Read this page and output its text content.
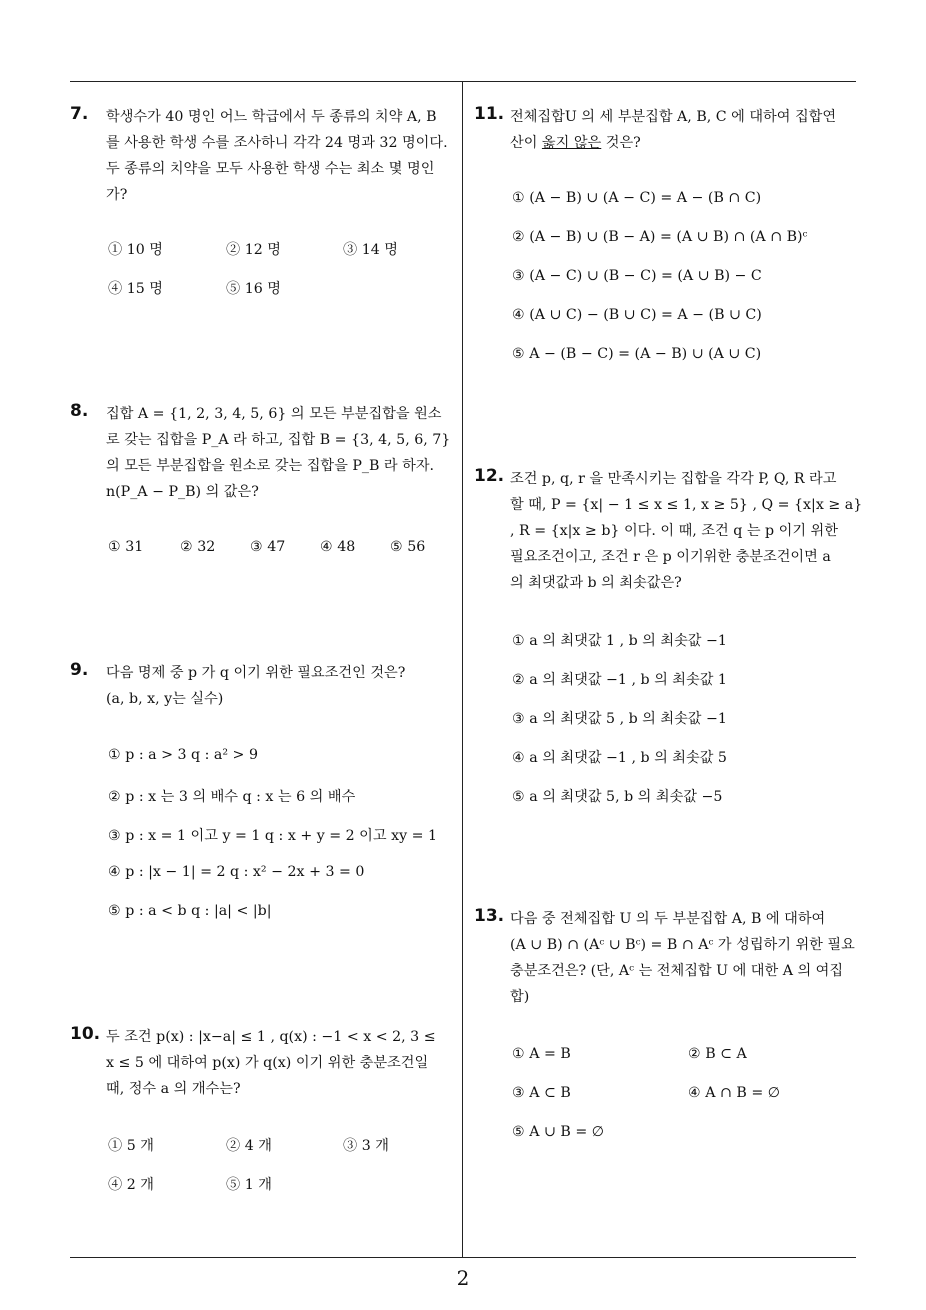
7. 학생수가 40 명인 어느 학급에서 두 종류의 치약 A, B
를 사용한 학생 수를 조사하니 각각 24 명과 32 명이다.
두 종류의 치약을 모두 사용한 학생 수는 최소 몇 명인
가?
① 10 명	② 12 명	③ 14 명
④ 15 명	⑤ 16 명
8. 집합 A = {1, 2, 3, 4, 5, 6} 의 모든 부분집합을 원소
로 갖는 집합을 P_A 라 하고, 집합 B = {3, 4, 5, 6, 7}
의 모든 부분집합을 원소로 갖는 집합을 P_B 라 하자.
n(P_A − P_B) 의 값은?
① 31	② 32 ③ 47 ④ 48 ⑤ 56
9. 다음 명제 중 p 가 q 이기 위한 필요조건인 것은?
(a, b, x, y는 실수)
① p : a > 3 q : a² > 9
② p : x 는 3 의 배수 q : x 는 6 의 배수
③ p : x = 1 이고 y = 1 q : x + y = 2 이고 xy = 1
④ p : |x − 1| = 2 q : x² − 2x + 3 = 0
⑤ p : a < b q : |a| < |b|
10. 두 조건 p(x) : |x−a| ≤ 1 , q(x) : −1 < x < 2, 3 ≤
x ≤ 5 에 대하여 p(x) 가 q(x) 이기 위한 충분조건일
때, 정수 a 의 개수는?
① 5 개	② 4 개	③ 3 개
④ 2 개	⑤ 1 개
11. 전체집합U 의 세 부분집합 A, B, C 에 대하여 집합연
산이 옳지 않은 것은?
① (A − B) ∪ (A − C) = A − (B ∩ C)
② (A − B) ∪ (B − A) = (A ∪ B) ∩ (A ∩ B)ᶜ
③ (A − C) ∪ (B − C) = (A ∪ B) − C
④ (A ∪ C) − (B ∪ C) = A − (B ∪ C)
⑤ A − (B − C) = (A − B) ∪ (A ∪ C)
12. 조건 p, q, r 을 만족시키는 집합을 각각 P, Q, R 라고
할 때, P = {x| − 1 ≤ x ≤ 1, x ≥ 5} , Q = {x|x ≥ a}
, R = {x|x ≥ b} 이다. 이 때, 조건 q 는 p 이기 위한
필요조건이고, 조건 r 은 p 이기위한 충분조건이면 a
의 최댓값과 b 의 최솟값은?
① a 의 최댓값 1 , b 의 최솟값 −1
② a 의 최댓값 −1 , b 의 최솟값 1
③ a 의 최댓값 5 , b 의 최솟값 −1
④ a 의 최댓값 −1 , b 의 최솟값 5
⑤ a 의 최댓값 5, b 의 최솟값 −5
13. 다음 중 전체집합 U 의 두 부분집합 A, B 에 대하여
(A ∪ B) ∩ (Aᶜ ∪ Bᶜ) = B ∩ Aᶜ 가 성립하기 위한 필요
충분조건은? (단, Aᶜ 는 전체집합 U 에 대한 A 의 여집
합)
① A = B	② B ⊂ A
③ A ⊂ B	④ A ∩ B = ∅
⑤ A ∪ B = ∅
2
